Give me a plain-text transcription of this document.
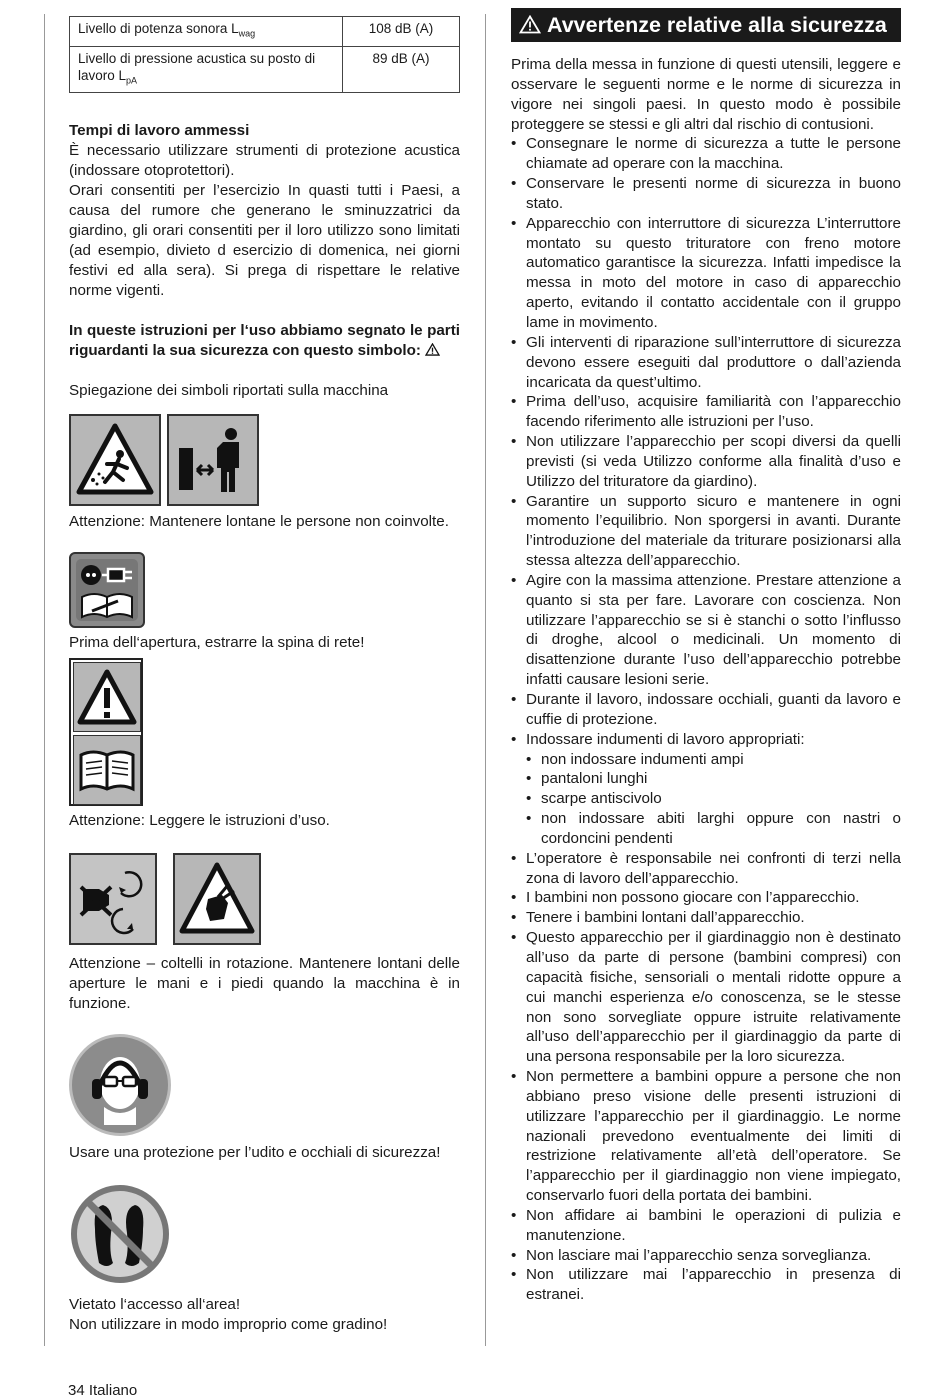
Livello di potenza sonora $L_{wag}$	108 dB (A)
Livello di pressione acustica su posto di lavoro $L_{pA}$	89 dB (A)

Tempi di lavoro ammessi

È necessario utilizzare strumenti di protezione acustica (indossare otoprotettori).

Orari consentiti per l’esercizio In quasti tutti i Paesi, a causa del rumore che generano le sminuzzatrici da giardino, gli orari consentiti per il loro utilizzo sono limitati (ad esempio, divieto d esercizio di domenica, nei giorni festivi ed alla sera). Si prega di rispettare le relative norme vigenti.

In queste istruzioni per l‘uso abbiamo segnato le parti riguardanti la sua sicurezza con questo simbolo:

Spiegazione dei simboli riportati sulla macchina

Attenzione: Mantenere lontane le persone non coinvolte.

Prima dell‘apertura, estrarre la spina di rete!

Attenzione: Leggere le istruzioni d’uso.

Attenzione – coltelli in rotazione. Mantenere lontani delle aperture le mani e i piedi quando la macchina è in funzione.

Usare una protezione per l’udito e occhiali di sicurezza!

Vietato l‘accesso all‘area!

Non utilizzare in modo improprio come gradino!

Avvertenze relative alla sicurezza

Prima della messa in funzione di questi utensili, leggere e osservare le seguenti norme e le norme di sicurezza in vigore nei singoli paesi. In questo modo è possibile proteggere se stessi e gli altri dal rischio di contusioni.

• Consegnare le norme di sicurezza a tutte le persone chiamate ad operare con la macchina.
• Conservare le presenti norme di sicurezza in buono stato.
• Apparecchio con interruttore di sicurezza L’interruttore montato su questo trituratore con freno motore automatico garantisce la sicurezza. Infatti impedisce la messa in moto del motore in caso di apparecchio aperto, evitando il contatto accidentale con il gruppo lame in movimento.
• Gli interventi di riparazione sull’interruttore di sicurezza devono essere eseguiti dal produttore o dall’azienda incaricata da quest’ultimo.
• Prima dell’uso, acquisire familiarità con l’apparecchio facendo riferimento alle istruzioni per l’uso.
• Non utilizzare l’apparecchio per scopi diversi da quelli previsti (si veda Utilizzo conforme alla finalità d’uso e Utilizzo del trituratore da giardino).
• Garantire un supporto sicuro e mantenere in ogni momento l’equilibrio. Non sporgersi in avanti. Durante l’introduzione del materiale da triturare posizionarsi alla stessa altezza dell’apparecchio.
• Agire con la massima attenzione. Prestare attenzione a quanto si sta per fare. Lavorare con coscienza. Non utilizzare l’apparecchio se si è stanchi o sotto l’influsso di droghe, alcool o medicinali. Un momento di disattenzione durante l’uso dell’apparecchio potrebbe infatti causare lesioni serie.
• Durante il lavoro, indossare occhiali, guanti da lavoro e cuffie di protezione.
• Indossare indumenti di lavoro appropriati:
• non indossare indumenti ampi
• pantaloni lunghi
• scarpe antiscivolo
• non indossare abiti larghi oppure con nastri o cordoncini pendenti
• L’operatore è responsabile nei confronti di terzi nella zona di lavoro dell’apparecchio.
• I bambini non possono giocare con l’apparecchio.
• Tenere i bambini lontani dall’apparecchio.
• Questo apparecchio per il giardinaggio non è destinato all’uso da parte di persone (bambini compresi) con capacità fisiche, sensoriali o mentali ridotte oppure a cui manchi esperienza e/o conoscenza, se le stesse non sono sorvegliate oppure istruite relativamente all’uso dell’apparecchio per il giardinaggio da parte di una persona responsabile per la loro sicurezza.
• Non permettere a bambini oppure a persone che non abbiano preso visione delle presenti istruzioni di utilizzare l’apparecchio per il giardinaggio. Le norme nazionali prevedono eventualmente dei limiti di restrizione relativamente all’età dell’operatore. Se l’apparecchio per il giardinaggio non viene impiegato, conservarlo fuori della portata dei bambini.
• Non affidare ai bambini le operazioni di pulizia e manutenzione.
• Non lasciare mai l’apparecchio senza sorveglianza.
• Non utilizzare mai l’apparecchio in presenza di estranei.
34 Italiano
